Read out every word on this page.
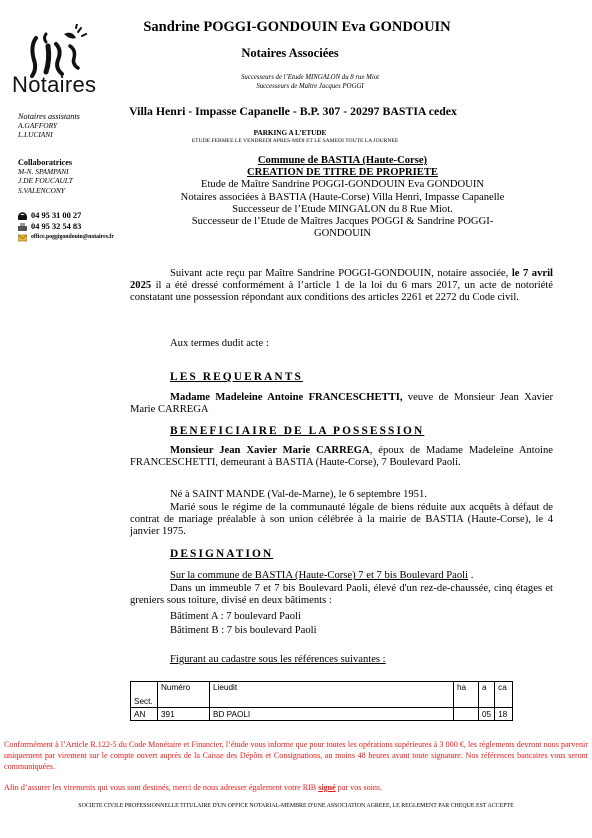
Notaires
Sandrine POGGI-GONDOUIN Eva GONDOUIN
Notaires Associées
Successeurs de l’Etude MINGALON du 8 rue Miot
Successeurs de Maître Jacques POGGI
Villa Henri - Impasse Capanelle - B.P. 307 - 20297 BASTIA cedex
PARKING A L’ETUDE
ETUDE FERMEE LE VENDREDI APRES-MIDI ET LE SAMEDI TOUTE LA JOURNEE
Notaires assistants
A.GAFFORY
L.LUCIANI
Collaboratrices
M-N. SPAMPANI
J.DE FOUCAULT
S.VALENCONY
04 95 31 00 27
04 95 32 54 83
office.poggigondouin@notaires.fr
Commune de BASTIA (Haute-Corse)
CREATION DE TITRE DE PROPRIETE
Etude de Maître Sandrine POGGI-GONDOUIN Eva GONDOUIN
Notaires associées à BASTIA (Haute-Corse) Villa Henri, Impasse Capanelle
Successeur de l’Etude MINGALON du 8 Rue Miot.
Successeur de l’Etude de Maîtres Jacques POGGI & Sandrine POGGI-
GONDOUIN
Suivant acte reçu par Maître Sandrine POGGI-GONDOUIN, notaire associée, le 7 avril 2025 il a été dressé conformément à l’article 1 de la loi du 6 mars 2017, un acte de notoriété constatant une possession répondant aux conditions des articles 2261 et 2272 du Code civil.
Aux termes dudit acte :
LES REQUERANTS
Madame Madeleine Antoine FRANCESCHETTI, veuve de Monsieur Jean Xavier Marie CARREGA
BENEFICIAIRE DE LA POSSESSION
Monsieur Jean Xavier Marie CARREGA, époux de Madame Madeleine Antoine FRANCESCHETTI, demeurant à BASTIA (Haute-Corse), 7 Boulevard Paoli.
Né à SAINT MANDE (Val-de-Marne), le 6 septembre 1951.
Marié sous le régime de la communauté légale de biens réduite aux acquêts à défaut de contrat de mariage préalable à son union célébrée à la mairie de BASTIA (Haute-Corse), le 4 janvier 1975.
DESIGNATION
Sur la commune de BASTIA (Haute-Corse) 7 et 7 bis Boulevard Paoli .
Dans un immeuble 7 et 7 bis Boulevard Paoli, élevé d'un rez-de-chaussée, cinq étages et greniers sous toiture, divisé en deux bâtiments :
Bâtiment A : 7 boulevard Paoli
Bâtiment B : 7 bis boulevard Paoli
Figurant au cadastre sous les références suivantes :
Sect.	Numéro	Lieudit	ha	a	ca
AN	391	BD PAOLI		05	18
Conformément à l’Article R.122-5 du Code Monétaire et Financier, l’étude vous informe que pour toutes les opérations supérieures à 3 000 €, les règlements devront nous parvenir uniquement par virement sur le compte ouvert auprès de la Caisse des Dépôts et Consignations, au moins 48 heures avant toute signature. Nos références bancaires vous seront communiquées.
Afin d’assurer les virements qui vous sont destinés, merci de nous adresser également votre RIB signé par vos soins.
SOCIETE CIVILE PROFESSIONNELLE TITULAIRE D'UN OFFICE NOTARIAL-MEMBRE D'UNE ASSOCIATION AGREEE, LE REGLEMENT PAR CHEQUE EST ACCEPTE
